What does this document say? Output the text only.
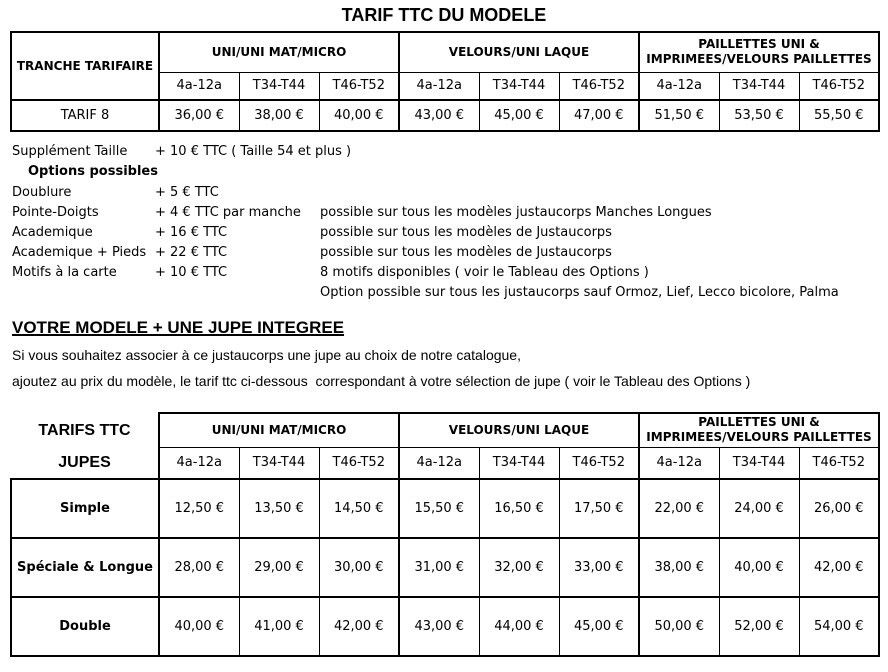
TARIF TTC DU MODELE
TRANCHE TARIFAIRE	UNI/UNI MAT/MICRO			VELOURS/UNI LAQUE			PAILLETTES UNI & IMPRIMEES/VELOURS PAILLETTES		
	4a-12a	T34-T44	T46-T52	4a-12a	T34-T44	T46-T52	4a-12a	T34-T44	T46-T52
TARIF 8	36,00 €	38,00 €	40,00 €	43,00 €	45,00 €	47,00 €	51,50 €	53,50 €	55,50 €
Supplément Taille	+ 10 € TTC ( Taille 54 et plus )
Options possibles
Doublure	+ 5 € TTC
Pointe-Doigts	+ 4 € TTC par manche	possible sur tous les modèles justaucorps Manches Longues
Academique	+ 16 € TTC	possible sur tous les modèles de Justaucorps
Academique + Pieds + 22 € TTC	possible sur tous les modèles de Justaucorps
Motifs à la carte	+ 10 € TTC	8 motifs disponibles ( voir le Tableau des Options )
Option possible sur tous les justaucorps sauf Ormoz, Lief, Lecco bicolore, Palma
VOTRE MODELE + UNE JUPE INTEGREE
Si vous souhaitez associer à ce justaucorps une jupe au choix de notre catalogue,
ajoutez au prix du modèle, le tarif ttc ci-dessous  correspondant à votre sélection de jupe ( voir le Tableau des Options )
TARIFS TTC
JUPES	UNI/UNI MAT/MICRO			VELOURS/UNI LAQUE			PAILLETTES UNI & IMPRIMEES/VELOURS PAILLETTES		
	4a-12a	T34-T44	T46-T52	4a-12a	T34-T44	T46-T52	4a-12a	T34-T44	T46-T52
Simple	12,50 €	13,50 €	14,50 €	15,50 €	16,50 €	17,50 €	22,00 €	24,00 €	26,00 €
Spéciale & Longue	28,00 €	29,00 €	30,00 €	31,00 €	32,00 €	33,00 €	38,00 €	40,00 €	42,00 €
Double	40,00 €	41,00 €	42,00 €	43,00 €	44,00 €	45,00 €	50,00 €	52,00 €	54,00 €
